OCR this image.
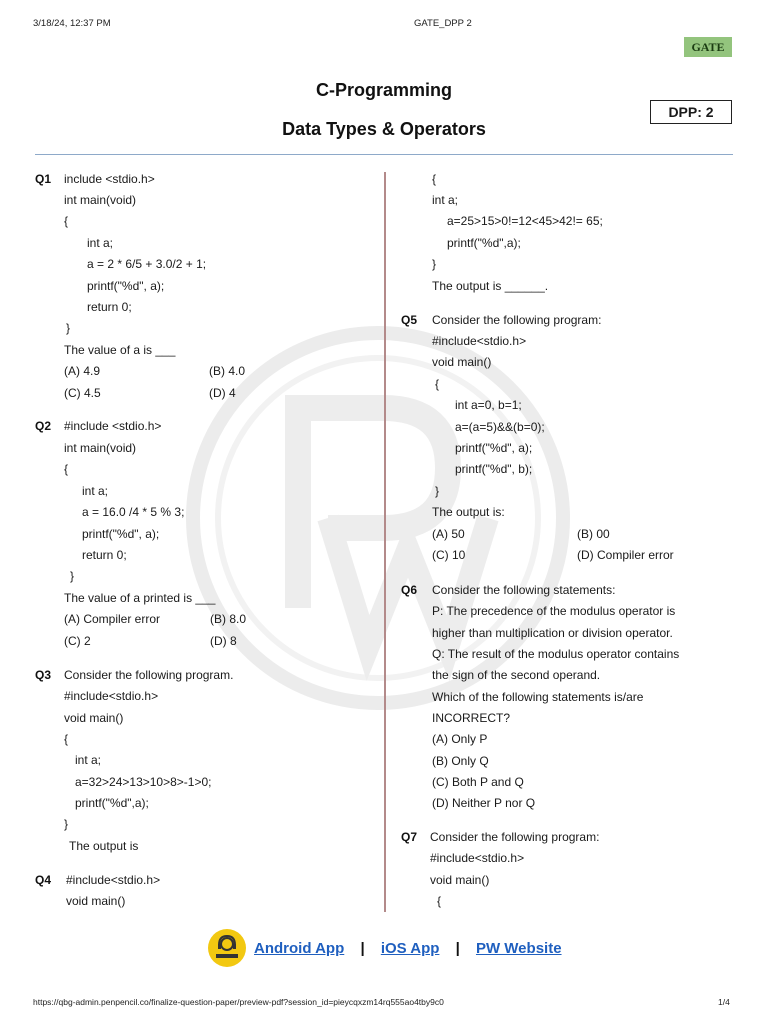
3/18/24, 12:37 PM	GATE_DPP 2
GATE
C-Programming
Data Types & Operators
DPP: 2
Q1 include <stdio.h>
int main(void)
{
int a;
a = 2 * 6/5 + 3.0/2 + 1;
printf("%d", a);
return 0;
}
The value of a is ___
(A) 4.9	(B) 4.0
(C) 4.5	(D) 4
Q2 #include <stdio.h>
int main(void)
{
int a;
a = 16.0 /4 * 5 % 3;
printf("%d", a);
return 0;
}
The value of a printed is ___
(A) Compiler error	(B) 8.0
(C) 2	(D) 8
Q3 Consider the following program.
#include<stdio.h>
void main()
{
int a;
a=32>24>13>10>8>-1>0;
printf("%d",a);
}
The output is
Q4 #include<stdio.h>
void main()
{
int a;
a=25>15>0!=12<45>42!= 65;
printf("%d",a);
}
The output is ______.
Q5 Consider the following program:
#include<stdio.h>
void main()
{
int a=0, b=1;
a=(a=5)&&(b=0);
printf("%d", a);
printf("%d", b);
}
The output is:
(A) 50	(B) 00
(C) 10	(D) Compiler error
Q6 Consider the following statements:
P: The precedence of the modulus operator is
higher than multiplication or division operator.
Q: The result of the modulus operator contains
the sign of the second operand.
Which of the following statements is/are
INCORRECT?
(A) Only P
(B) Only Q
(C) Both P and Q
(D) Neither P nor Q
Q7 Consider the following program:
#include<stdio.h>
void main()
{
Android App | iOS App | PW Website
https://qbg-admin.penpencil.co/finalize-question-paper/preview-pdf?session_id=pieycqxzm14rq555ao4tby9c0	1/4
